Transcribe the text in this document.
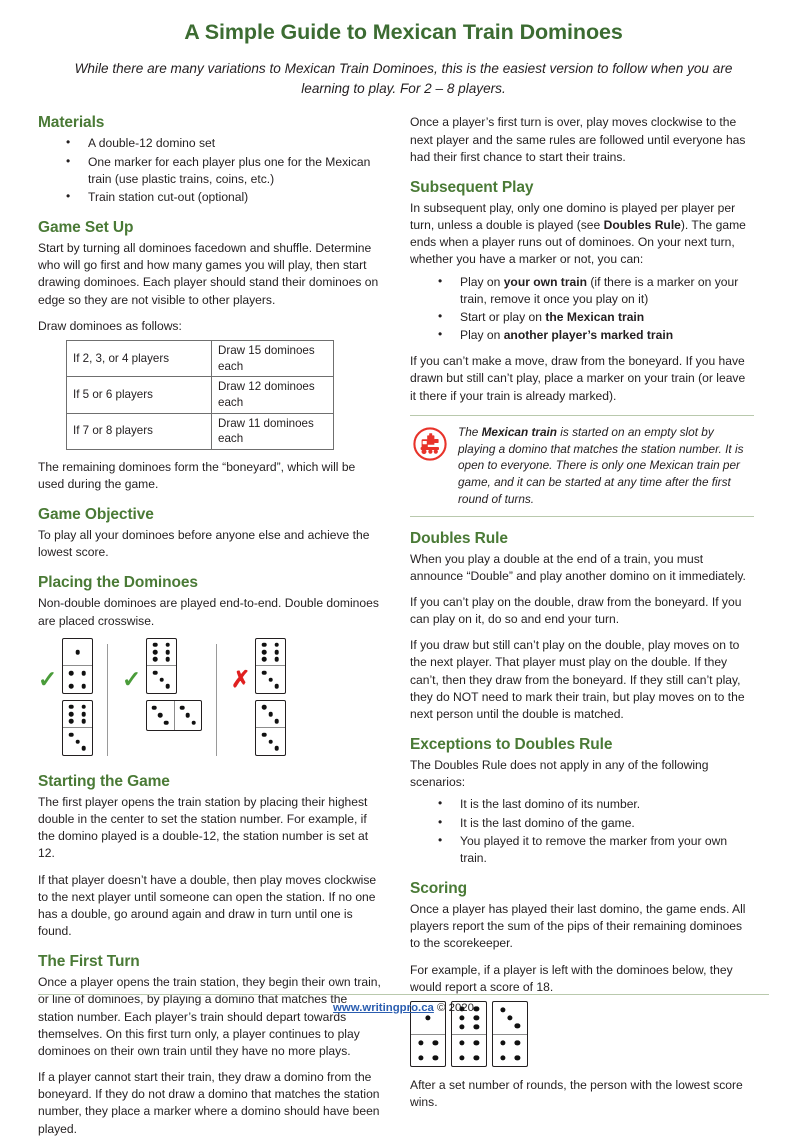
A Simple Guide to Mexican Train Dominoes
While there are many variations to Mexican Train Dominoes, this is the easiest version to follow when you are learning to play. For 2 – 8 players.
Materials
• A double-12 domino set
• One marker for each player plus one for the Mexican train (use plastic trains, coins, etc.)
• Train station cut-out (optional)
Game Set Up

Start by turning all dominoes facedown and shuffle. Determine who will go first and how many games you will play, then start drawing dominoes. Each player should stand their dominoes on edge so they are not visible to other players.

Draw dominoes as follows:

If 2, 3, or 4 players	Draw 15 dominoes each
If 5 or 6 players	Draw 12 dominoes each
If 7 or 8 players	Draw 11 dominoes each

The remaining dominoes form the “boneyard”, which will be used during the game.

Game Objective

To play all your dominoes before anyone else and achieve the lowest score.

Placing the Dominoes

Non-double dominoes are played end-to-end. Double dominoes are placed crosswise.

✓	✓	✗
Starting the Game

The first player opens the train station by placing their highest double in the center to set the station number. For example, if the domino played is a double-12, the station number is set at 12.

If that player doesn’t have a double, then play moves clockwise to the next player until someone can open the station. If no one has a double, go around again and draw in turn until one is found.

The First Turn

Once a player opens the train station, they begin their own train, or line of dominoes, by playing a domino that matches the station number. Each player’s train should depart towards themselves. On this first turn only, a player continues to play dominoes on their own train until they have no more plays.

If a player cannot start their train, they draw a domino from the boneyard. If they do not draw a domino that matches the station number, they place a marker where a domino should have been played.

Once a player’s first turn is over, play moves clockwise to the next player and the same rules are followed until everyone has had their first chance to start their trains.

Subsequent Play

In subsequent play, only one domino is played per player per turn, unless a double is played (see Doubles Rule). The game ends when a player runs out of dominoes. On your next turn, whether you have a marker or not, you can:

• Play on your own train (if there is a marker on your train, remove it once you play on it)
• Start or play on the Mexican train
• Play on another player’s marked train

If you can’t make a move, draw from the boneyard. If you have drawn but still can’t play, place a marker on your train (or leave it there if your train is already marked).

The Mexican train is started on an empty slot by playing a domino that matches the station number. It is open to everyone. There is only one Mexican train per game, and it can be started at any time after the first round of turns.
Doubles Rule

When you play a double at the end of a train, you must announce “Double” and play another domino on it immediately.

If you can’t play on the double, draw from the boneyard. If you can play on it, do so and end your turn.

If you draw but still can’t play on the double, play moves on to the next player. That player must play on the double. If they can’t, then they draw from the boneyard. If they still can’t play, they do NOT need to mark their train, but play moves on to the next person until the double is matched.

Exceptions to Doubles Rule

The Doubles Rule does not apply in any of the following scenarios:

• It is the last domino of its number.
• It is the last domino of the game.
• You played it to remove the marker from your own train.
Scoring

Once a player has played their last domino, the game ends. All players report the sum of the pips of their remaining dominoes to the scorekeeper.

For example, if a player is left with the dominoes below, they would report a score of 18.

After a set number of rounds, the person with the lowest score wins.

www.writingpro.ca © 2020
